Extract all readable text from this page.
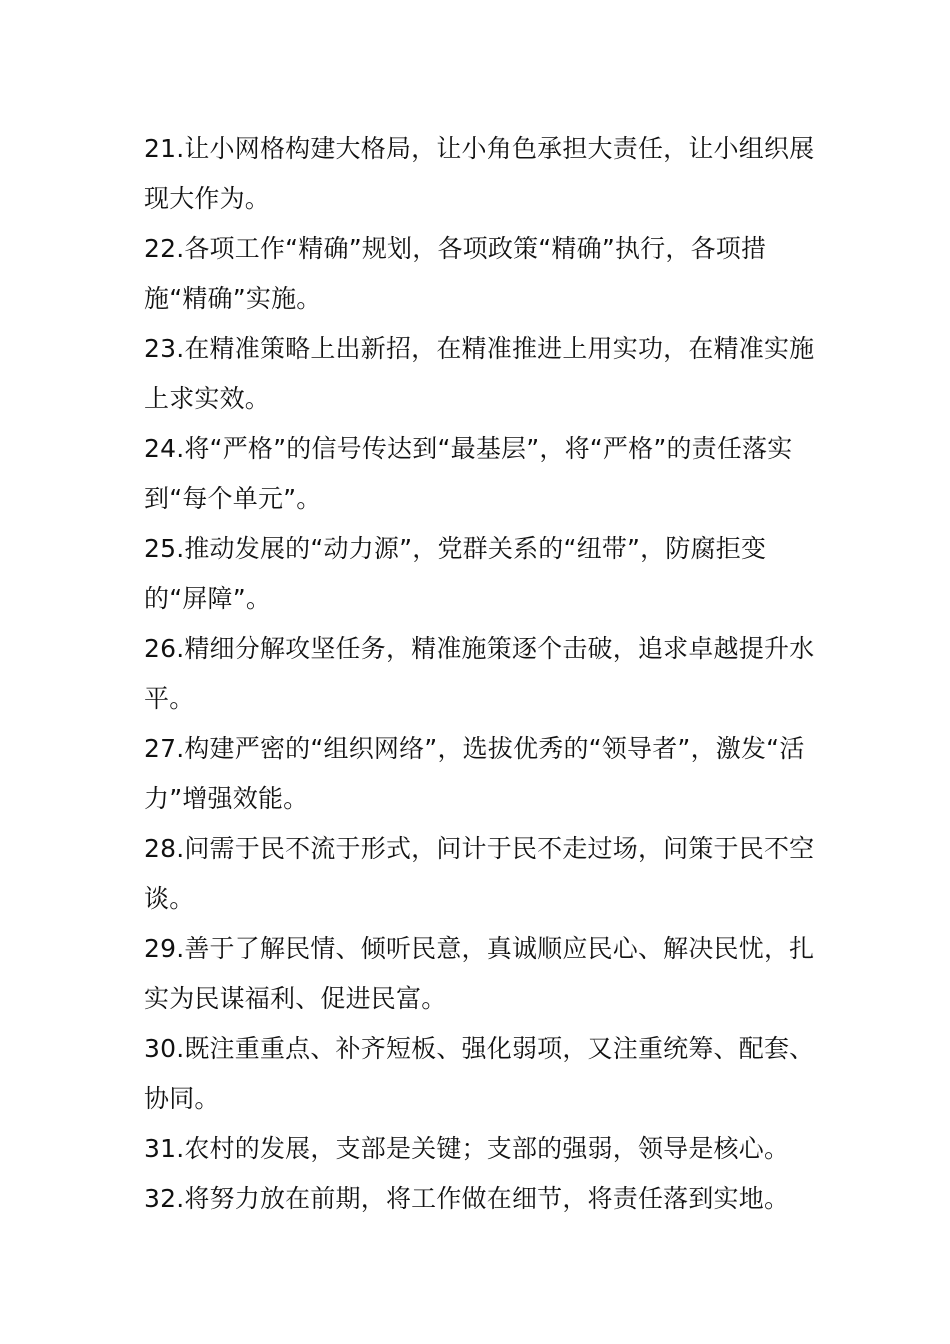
21.让小网格构建大格局，让小角色承担大责任，让小组织展现大作为。

22.各项工作“精确”规划，各项政策“精确”执行，各项措施“精确”实施。

23.在精准策略上出新招，在精准推进上用实功，在精准实施上求实效。

24.将“严格”的信号传达到“最基层”，将“严格”的责任落实到“每个单元”。

25.推动发展的“动力源”，党群关系的“纽带”，防腐拒变的“屏障”。

26.精细分解攻坚任务，精准施策逐个击破，追求卓越提升水平。

27.构建严密的“组织网络”，选拔优秀的“领导者”，激发“活力”增强效能。

28.问需于民不流于形式，问计于民不走过场，问策于民不空谈。

29.善于了解民情、倾听民意，真诚顺应民心、解决民忧，扎实为民谋福利、促进民富。

30.既注重重点、补齐短板、强化弱项，又注重统筹、配套、协同。

31.农村的发展，支部是关键；支部的强弱，领导是核心。

32.将努力放在前期，将工作做在细节，将责任落到实地。
